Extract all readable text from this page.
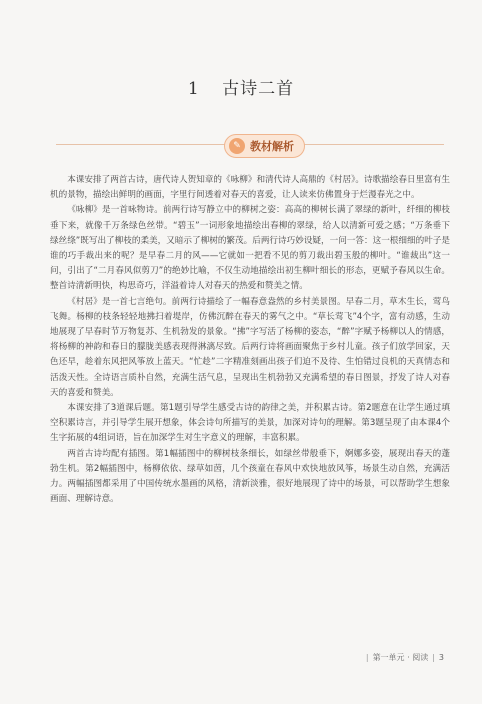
1 古诗二首
✎ 教材解析

本课安排了两首古诗，唐代诗人贺知章的《咏柳》和清代诗人高鼎的《村居》。诗歌描绘春日里富有生机的景物，描绘出鲜明的画面，字里行间透着对春天的喜爱，让人读来仿佛置身于烂漫春光之中。

《咏柳》是一首咏物诗。前两行诗写静立中的柳树之姿：高高的柳树长满了翠绿的新叶，纤细的柳枝垂下来，就像千万条绿色丝带。“碧玉”一词形象地描绘出春柳的翠绿，给人以清新可爱之感；“万条垂下绿丝绦”既写出了柳枝的柔美，又暗示了柳树的繁茂。后两行诗巧妙设疑，一问一答：这一根细细的叶子是谁的巧手裁出来的呢？是早春二月的风——它就如一把看不见的剪刀裁出碧玉般的柳叶。“谁裁出”这一问，引出了“二月春风似剪刀”的绝妙比喻，不仅生动地描绘出初生柳叶细长的形态，更赋予春风以生命。整首诗清新明快，构思奇巧，洋溢着诗人对春天的热爱和赞美之情。

《村居》是一首七言绝句。前两行诗描绘了一幅春意盎然的乡村美景图。早春二月，草木生长，莺鸟飞舞。杨柳的枝条轻轻地拂扫着堤岸，仿佛沉醉在春天的雾气之中。“草长莺飞”4个字，富有动感，生动地展现了早春时节万物复苏、生机勃发的景象。“拂”字写活了杨柳的姿态，“醉”字赋予杨柳以人的情感，将杨柳的神韵和春日的朦胧美感表现得淋漓尽致。后两行诗将画面聚焦于乡村儿童。孩子们放学回家，天色还早，趁着东风把风筝放上蓝天。“忙趁”二字精准刻画出孩子们迫不及待、生怕错过良机的天真情态和活泼天性。全诗语言质朴自然，充满生活气息，呈现出生机勃勃又充满希望的春日图景，抒发了诗人对春天的喜爱和赞美。

本课安排了3道课后题。第1题引导学生感受古诗的韵律之美，并积累古诗。第2题意在让学生通过填空积累诗言，并引导学生展开想象，体会诗句所描写的美景，加深对诗句的理解。第3题呈现了由本课4个生字拓展的4组词语，旨在加深学生对生字意义的理解，丰富积累。

两首古诗均配有插图。第1幅插图中的柳树枝条细长，如绿丝带般垂下，婀娜多姿，展现出春天的蓬勃生机。第2幅插图中，杨柳依依、绿草如茵，几个孩童在春风中欢快地放风筝，场景生动自然，充满活力。两幅插图都采用了中国传统水墨画的风格，清新淡雅，很好地展现了诗中的场景，可以帮助学生想象画面、理解诗意。

| 第一单元 · 阅读 | 3
